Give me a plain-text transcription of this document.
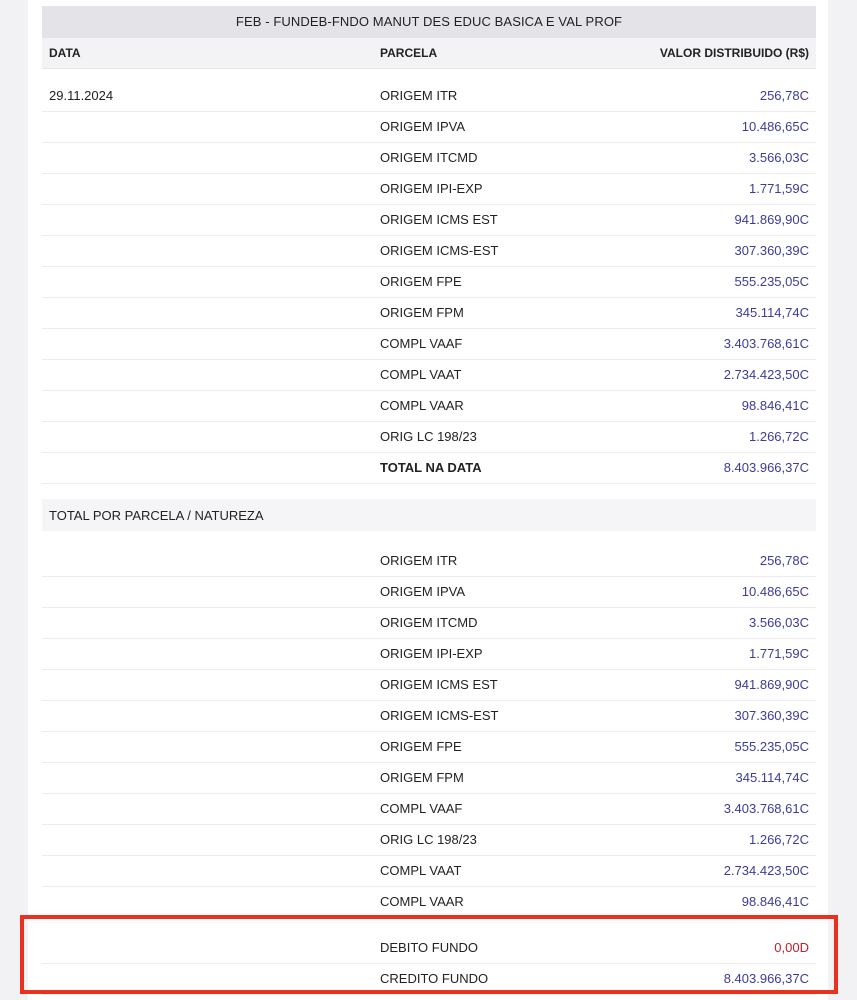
FEB - FUNDEB-FNDO MANUT DES EDUC BASICA E VAL PROF
DATA	PARCELA	VALOR DISTRIBUIDO (R$)
29.11.2024	ORIGEM ITR	256,78C
ORIGEM IPVA	10.486,65C
ORIGEM ITCMD	3.566,03C
ORIGEM IPI-EXP	1.771,59C
ORIGEM ICMS EST	941.869,90C
ORIGEM ICMS-EST	307.360,39C
ORIGEM FPE	555.235,05C
ORIGEM FPM	345.114,74C
COMPL VAAF	3.403.768,61C
COMPL VAAT	2.734.423,50C
COMPL VAAR	98.846,41C
ORIG LC 198/23	1.266,72C
TOTAL NA DATA	8.403.966,37C
TOTAL POR PARCELA / NATUREZA
ORIGEM ITR	256,78C
ORIGEM IPVA	10.486,65C
ORIGEM ITCMD	3.566,03C
ORIGEM IPI-EXP	1.771,59C
ORIGEM ICMS EST	941.869,90C
ORIGEM ICMS-EST	307.360,39C
ORIGEM FPE	555.235,05C
ORIGEM FPM	345.114,74C
COMPL VAAF	3.403.768,61C
ORIG LC 198/23	1.266,72C
COMPL VAAT	2.734.423,50C
COMPL VAAR	98.846,41C
DEBITO FUNDO	0,00D
CREDITO FUNDO	8.403.966,37C
